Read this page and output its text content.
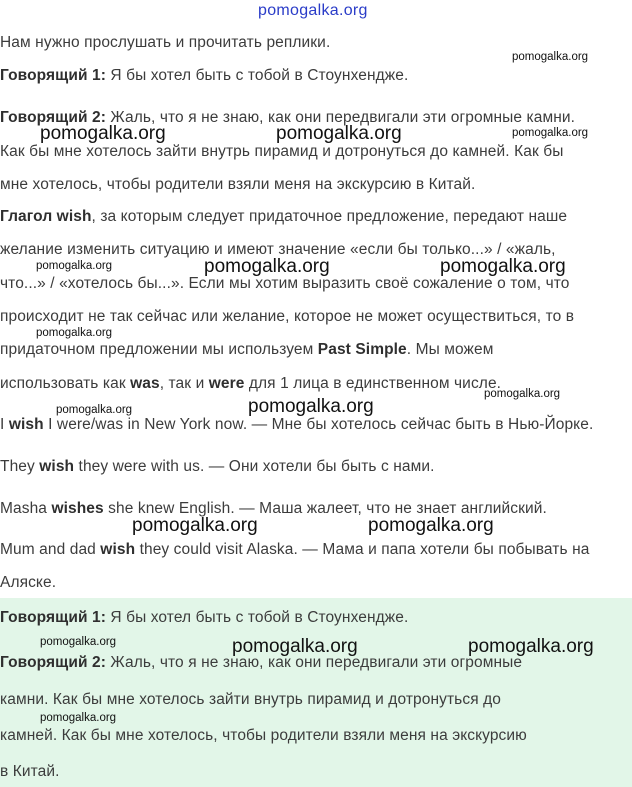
pomogalka.org
Нам нужно прослушать и прочитать реплики.
Говорящий 1: Я бы хотел быть с тобой в Стоунхендже.
Говорящий 2: Жаль, что я не знаю, как они передвигали эти огромные камни.
Как бы мне хотелось зайти внутрь пирамид и дотронуться до камней. Как бы
мне хотелось, чтобы родители взяли меня на экскурсию в Китай.
Глагол wish, за которым следует придаточное предложение, передают наше
желание изменить ситуацию и имеют значение «если бы только...» / «жаль,
что...» / «хотелось бы...». Если мы хотим выразить своё сожаление о том, что
происходит не так сейчас или желание, которое не может осуществиться, то в
придаточном предложении мы используем Past Simple. Мы можем
использовать как was, так и were для 1 лица в единственном числе.
I wish I were/was in New York now. — Мне бы хотелось сейчас быть в Нью-Йорке.
They wish they were with us. — Они хотели бы быть с нами.
Masha wishes she knew English. — Маша жалеет, что не знает английский.
Mum and dad wish they could visit Alaska. — Мама и папа хотели бы побывать на
Аляске.
Говорящий 1: Я бы хотел быть с тобой в Стоунхендже.
Говорящий 2: Жаль, что я не знаю, как они передвигали эти огромные
камни. Как бы мне хотелось зайти внутрь пирамид и дотронуться до
камней. Как бы мне хотелось, чтобы родители взяли меня на экскурсию
в Китай.
pomogalka.org
pomogalka.org	pomogalka.org	pomogalka.org
pomogalka.org	pomogalka.org	pomogalka.org
pomogalka.org
pomogalka.org
pomogalka.org	pomogalka.org
pomogalka.org	pomogalka.org
pomogalka.org	pomogalka.org	pomogalka.org
pomogalka.org
